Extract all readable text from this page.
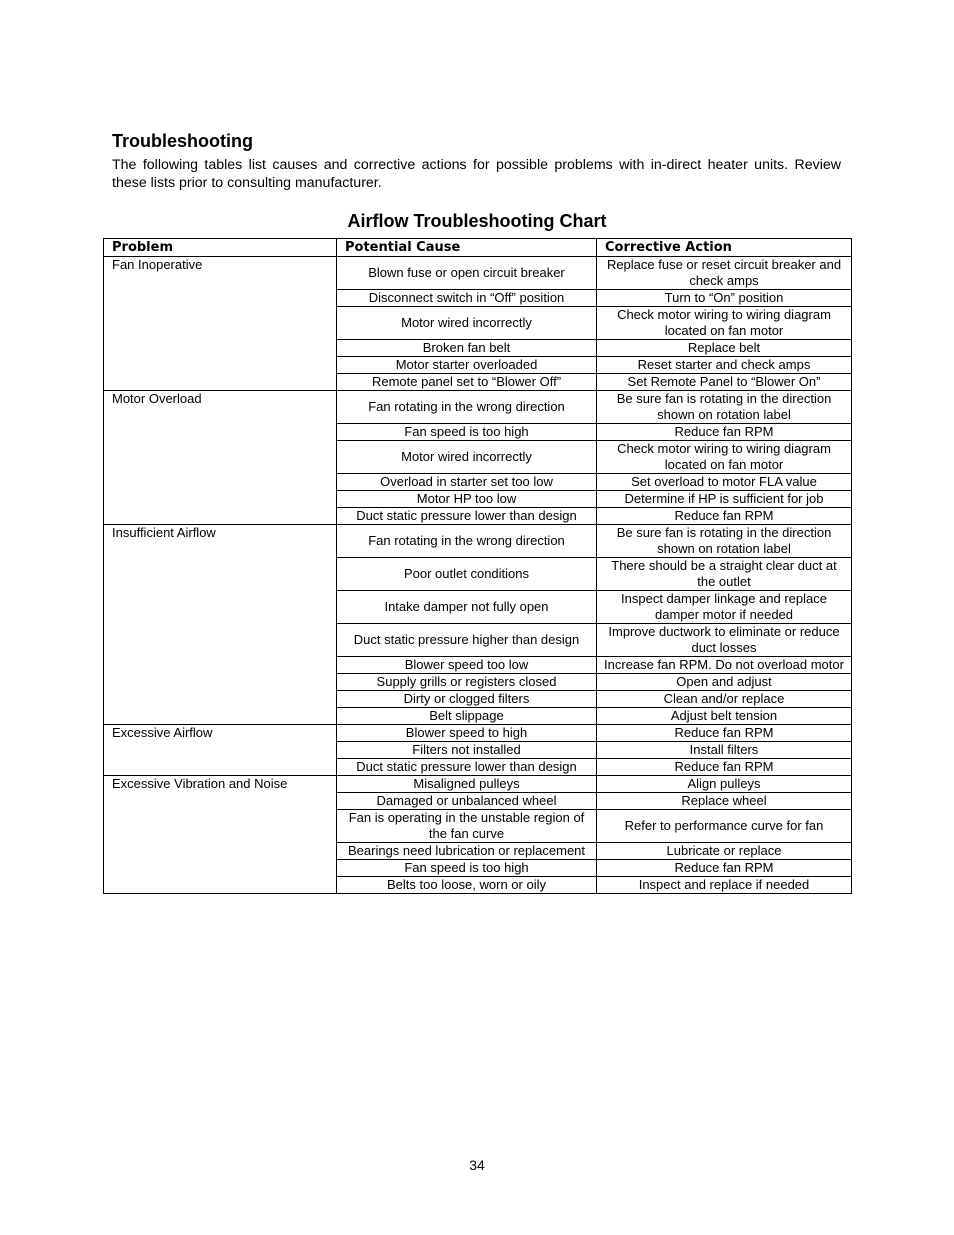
Troubleshooting

The following tables list causes and corrective actions for possible problems with in-direct heater units. Review these lists prior to consulting manufacturer.

Airflow Troubleshooting Chart
Problem	Potential Cause	Corrective Action
Fan Inoperative	Blown fuse or open circuit breaker	Replace fuse or reset circuit breaker and check amps
	Disconnect switch in “Off” position	Turn to “On” position
	Motor wired incorrectly	Check motor wiring to wiring diagram located on fan motor
	Broken fan belt	Replace belt
	Motor starter overloaded	Reset starter and check amps
	Remote panel set to “Blower Off”	Set Remote Panel to “Blower On”
Motor Overload	Fan rotating in the wrong direction	Be sure fan is rotating in the direction shown on rotation label
	Fan speed is too high	Reduce fan RPM
	Motor wired incorrectly	Check motor wiring to wiring diagram located on fan motor
	Overload in starter set too low	Set overload to motor FLA value
	Motor HP too low	Determine if HP is sufficient for job
	Duct static pressure lower than design	Reduce fan RPM
Insufficient Airflow	Fan rotating in the wrong direction	Be sure fan is rotating in the direction shown on rotation label
	Poor outlet conditions	There should be a straight clear duct at the outlet
	Intake damper not fully open	Inspect damper linkage and replace damper motor if needed
	Duct static pressure higher than design	Improve ductwork to eliminate or reduce duct losses
	Blower speed too low	Increase fan RPM. Do not overload motor
	Supply grills or registers closed	Open and adjust
	Dirty or clogged filters	Clean and/or replace
	Belt slippage	Adjust belt tension
Excessive Airflow	Blower speed to high	Reduce fan RPM
	Filters not installed	Install filters
	Duct static pressure lower than design	Reduce fan RPM
Excessive Vibration and Noise	Misaligned pulleys	Align pulleys
	Damaged or unbalanced wheel	Replace wheel
	Fan is operating in the unstable region of the fan curve	Refer to performance curve for fan
	Bearings need lubrication or replacement	Lubricate or replace
	Fan speed is too high	Reduce fan RPM
	Belts too loose, worn or oily	Inspect and replace if needed
34
